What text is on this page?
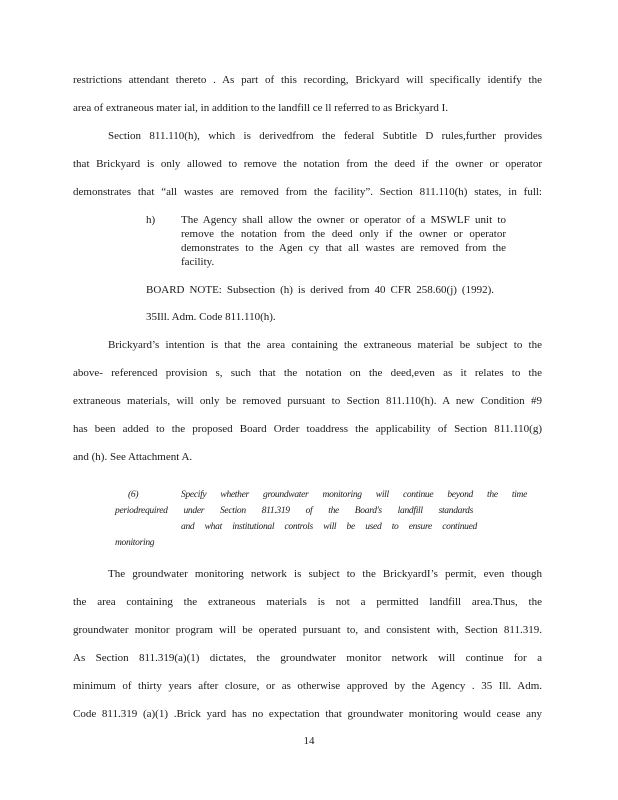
restrictions attendant thereto . As part of this recording, Brickyard will specifically identify the
area of extraneous mater ial, in addition to the landfill ce ll referred to as Brickyard I.
Section 811.110(h), which is derivedfrom the federal Subtitle D rules,further provides
that Brickyard is only allowed to remove the notation from the deed if the owner or operator
demonstrates that “all wastes are removed from the facility”. Section 811.110(h) states, in full:
h) The Agency shall allow the owner or operator of a MSWLF unit to
remove the notation from the deed only if the owner or operator
demonstrates to the Agen cy that all wastes are removed from the
facility.
BOARD NOTE: Subsection (h) is derived from 40 CFR 258.60(j) (1992).
35Ill. Adm. Code 811.110(h).
Brickyard’s intention is that the area containing the extraneous material be subject to the
above- referenced provision s, such that the notation on the deed,even as it relates to the
extraneous materials, will only be removed pursuant to Section 811.110(h). A new Condition #9
has been added to the proposed Board Order toaddress the applicability of Section 811.110(g)
and (h). See Attachment A.
(6)	Specify whether groundwater monitoring will continue beyond the time
periodrequired under Section 811.319 of the Board's landfill standards
and what institutional controls will be used to ensure continued
monitoring
The groundwater monitoring network is subject to the BrickyardI’s permit, even though
the area containing the extraneous materials is not a permitted landfill area.Thus, the
groundwater monitor program will be operated pursuant to, and consistent with, Section 811.319.
As Section 811.319(a)(1) dictates, the groundwater monitor network will continue for a
minimum of thirty years after closure, or as otherwise approved by the Agency . 35 Ill. Adm.
Code 811.319 (a)(1) .Brick yard has no expectation that groundwater monitoring would cease any
14
